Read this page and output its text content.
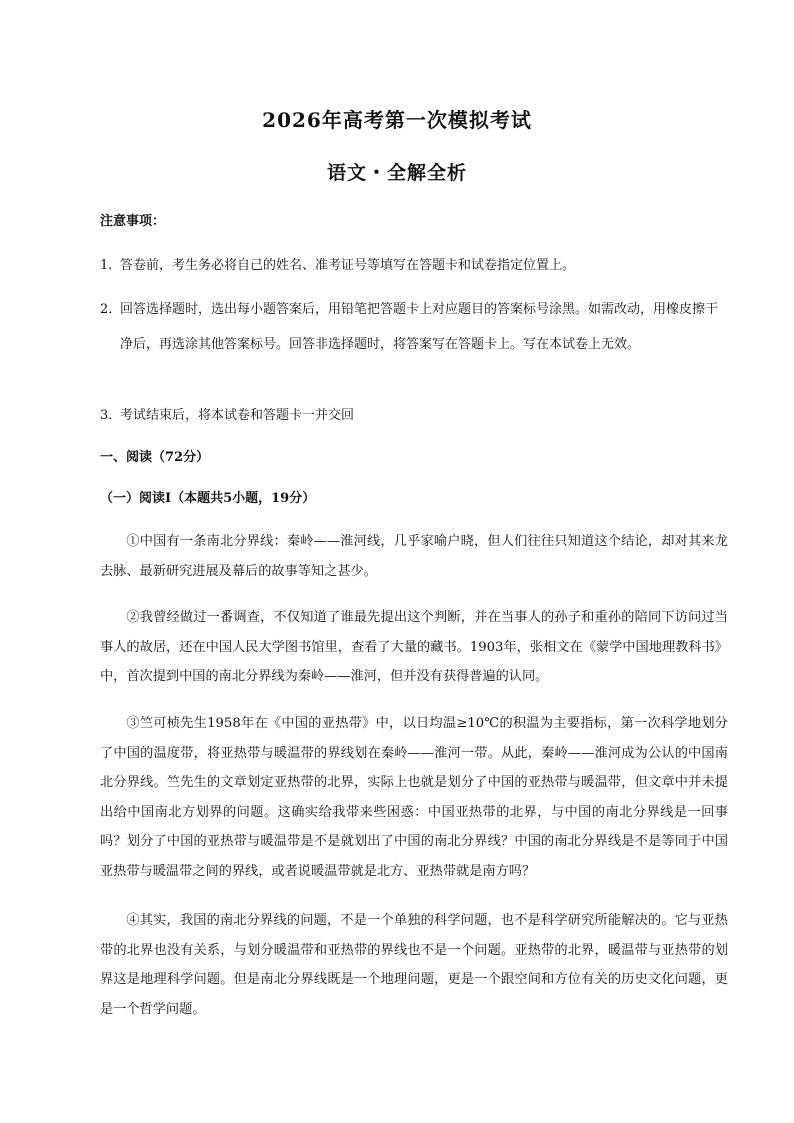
2026年高考第一次模拟考试
语文・全解全析
注意事项：
1．
答卷前，考生务必将自己的姓名、准考证号等填写在答题卡和试卷指定位置上。
2．
回答选择题时，选出每小题答案后，用铅笔把答题卡上对应题目的答案标号涂黑。如需改动，用橡皮擦干净后，再选涂其他答案标号。回答非选择题时，将答案写在答题卡上。写在本试卷上无效。
3．
考试结束后，将本试卷和答题卡一并交回
一、阅读（72分）
（一）阅读Ⅰ（本题共5小题，19分）
①中国有一条南北分界线：秦岭——淮河线，几乎家喻户晓，但人们往往只知道这个结论，却对其来龙去脉、最新研究进展及幕后的故事等知之甚少。
②我曾经做过一番调查，不仅知道了谁最先提出这个判断，并在当事人的孙子和重孙的陪同下访问过当事人的故居，还在中国人民大学图书馆里，查看了大量的藏书。1903年，张相文在《蒙学中国地理教科书》中，首次提到中国的南北分界线为秦岭——淮河，但并没有获得普遍的认同。
③竺可桢先生1958年在《中国的亚热带》中，以日均温≥10℃的积温为主要指标，第一次科学地划分了中国的温度带，将亚热带与暖温带的界线划在秦岭——淮河一带。从此，秦岭——淮河成为公认的中国南北分界线。竺先生的文章划定亚热带的北界，实际上也就是划分了中国的亚热带与暖温带，但文章中并未提出给中国南北方划界的问题。这确实给我带来些困惑：中国亚热带的北界，与中国的南北分界线是一回事吗？划分了中国的亚热带与暖温带是不是就划出了中国的南北分界线？中国的南北分界线是不是等同于中国亚热带与暖温带之间的界线，或者说暖温带就是北方、亚热带就是南方吗？
④其实，我国的南北分界线的问题，不是一个单独的科学问题，也不是科学研究所能解决的。它与亚热带的北界也没有关系，与划分暖温带和亚热带的界线也不是一个问题。亚热带的北界，暖温带与亚热带的划界这是地理科学问题。但是南北分界线既是一个地理问题，更是一个跟空间和方位有关的历史文化问题，更是一个哲学问题。
